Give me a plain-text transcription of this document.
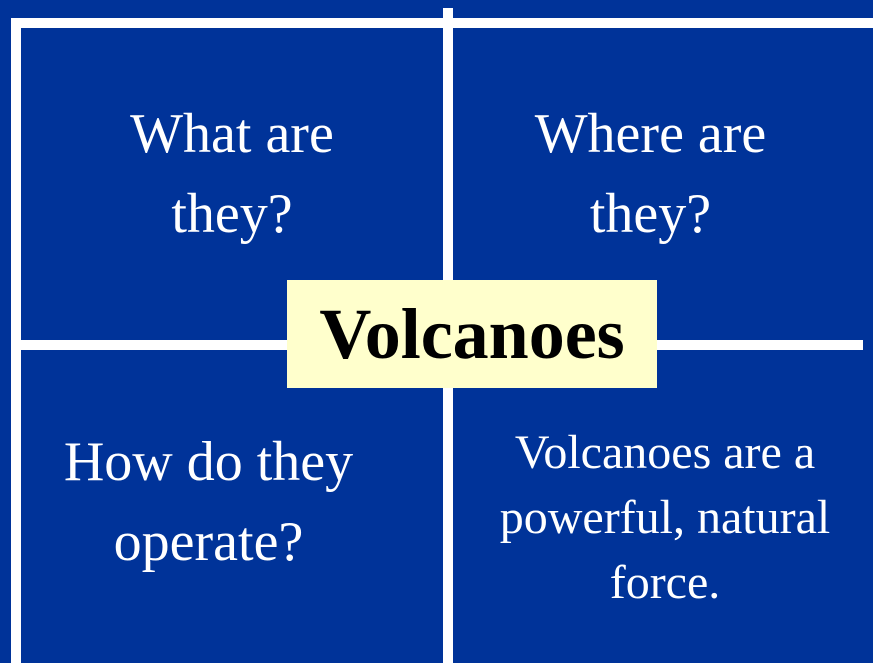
What are
they?
Where are
they?
How do they
operate?
Volcanoes are a
powerful, natural
force.
Volcanoes
